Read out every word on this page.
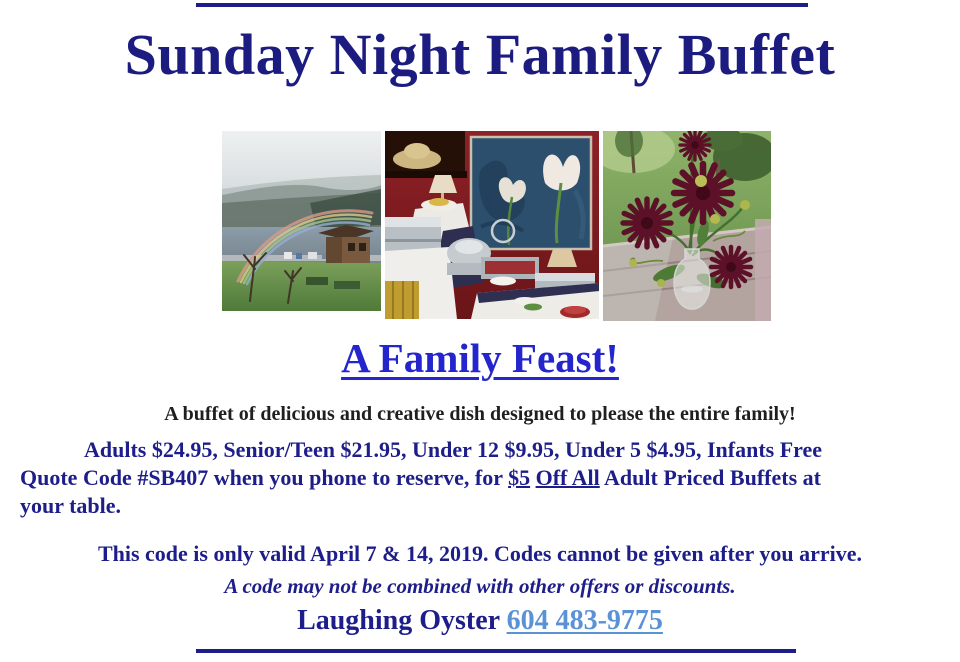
Sunday Night Family Buffet
A Family Feast!
A buffet of delicious and creative dish designed to please the entire family!

Adults $24.95, Senior/Teen $21.95, Under 12 $9.95, Under 5 $4.95, Infants Free
Quote Code #SB407 when you phone to reserve, for $5 Off All Adult Priced Buffets at
your table.

This code is only valid April 7 & 14, 2019. Codes cannot be given after you arrive.
A code may not be combined with other offers or discounts.
Laughing Oyster 604 483-9775
